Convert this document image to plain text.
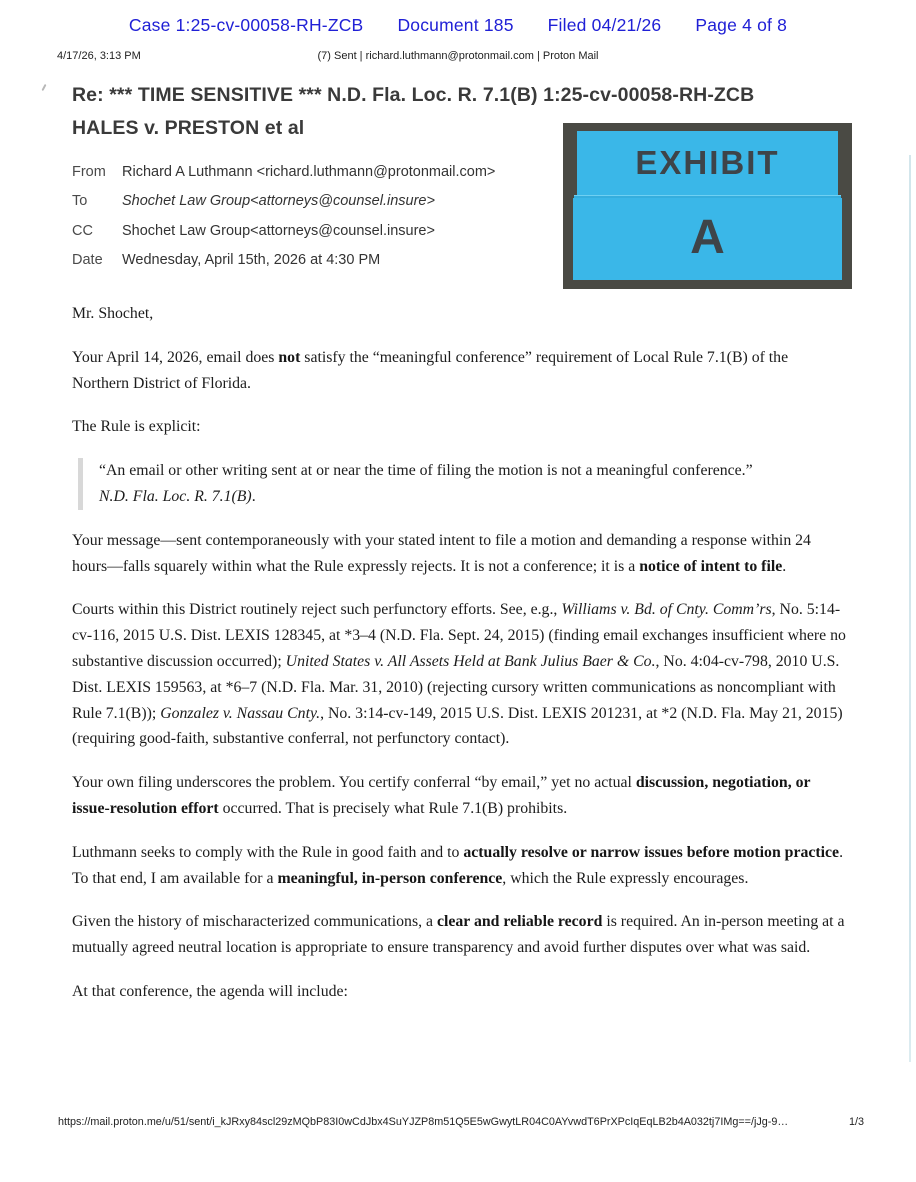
Case 1:25-cv-00058-RH-ZCB Document 185 Filed 04/21/26 Page 4 of 8
4/17/26, 3:13 PM	(7) Sent | richard.luthmann@protonmail.com | Proton Mail
Re: *** TIME SENSITIVE *** N.D. Fla. Loc. R. 7.1(B) 1:25-cv-00058-RH-ZCB
HALES v. PRESTON et al
EXHIBIT
A
From	Richard A Luthmann <richard.luthmann@protonmail.com>
To	Shochet Law Group<attorneys@counsel.insure>
CC	Shochet Law Group<attorneys@counsel.insure>
Date	Wednesday, April 15th, 2026 at 4:30 PM

Mr. Shochet,

Your April 14, 2026, email does not satisfy the “meaningful conference” requirement of Local Rule 7.1(B) of the Northern District of Florida.

The Rule is explicit:

“An email or other writing sent at or near the time of filing the motion is not a meaningful conference.” N.D. Fla. Loc. R. 7.1(B).

Your message—sent contemporaneously with your stated intent to file a motion and demanding a response within 24 hours—falls squarely within what the Rule expressly rejects. It is not a conference; it is a notice of intent to file.

Courts within this District routinely reject such perfunctory efforts. See, e.g., Williams v. Bd. of Cnty. Comm’rs, No. 5:14-cv-116, 2015 U.S. Dist. LEXIS 128345, at *3–4 (N.D. Fla. Sept. 24, 2015) (finding email exchanges insufficient where no substantive discussion occurred); United States v. All Assets Held at Bank Julius Baer & Co., No. 4:04-cv-798, 2010 U.S. Dist. LEXIS 159563, at *6–7 (N.D. Fla. Mar. 31, 2010) (rejecting cursory written communications as noncompliant with Rule 7.1(B)); Gonzalez v. Nassau Cnty., No. 3:14-cv-149, 2015 U.S. Dist. LEXIS 201231, at *2 (N.D. Fla. May 21, 2015) (requiring good-faith, substantive conferral, not perfunctory contact).

Your own filing underscores the problem. You certify conferral “by email,” yet no actual discussion, negotiation, or issue-resolution effort occurred. That is precisely what Rule 7.1(B) prohibits.

Luthmann seeks to comply with the Rule in good faith and to actually resolve or narrow issues before motion practice. To that end, I am available for a meaningful, in-person conference, which the Rule expressly encourages.

Given the history of mischaracterized communications, a clear and reliable record is required. An in-person meeting at a mutually agreed neutral location is appropriate to ensure transparency and avoid further disputes over what was said.

At that conference, the agenda will include:

https://mail.proton.me/u/51/sent/i_kJRxy84scl29zMQbP83I0wCdJbx4SuYJZP8m51Q5E5wGwytLR04C0AYvwdT6PrXPcIqEqLB2b4A032tj7IMg==/jJg-9…	1/3
